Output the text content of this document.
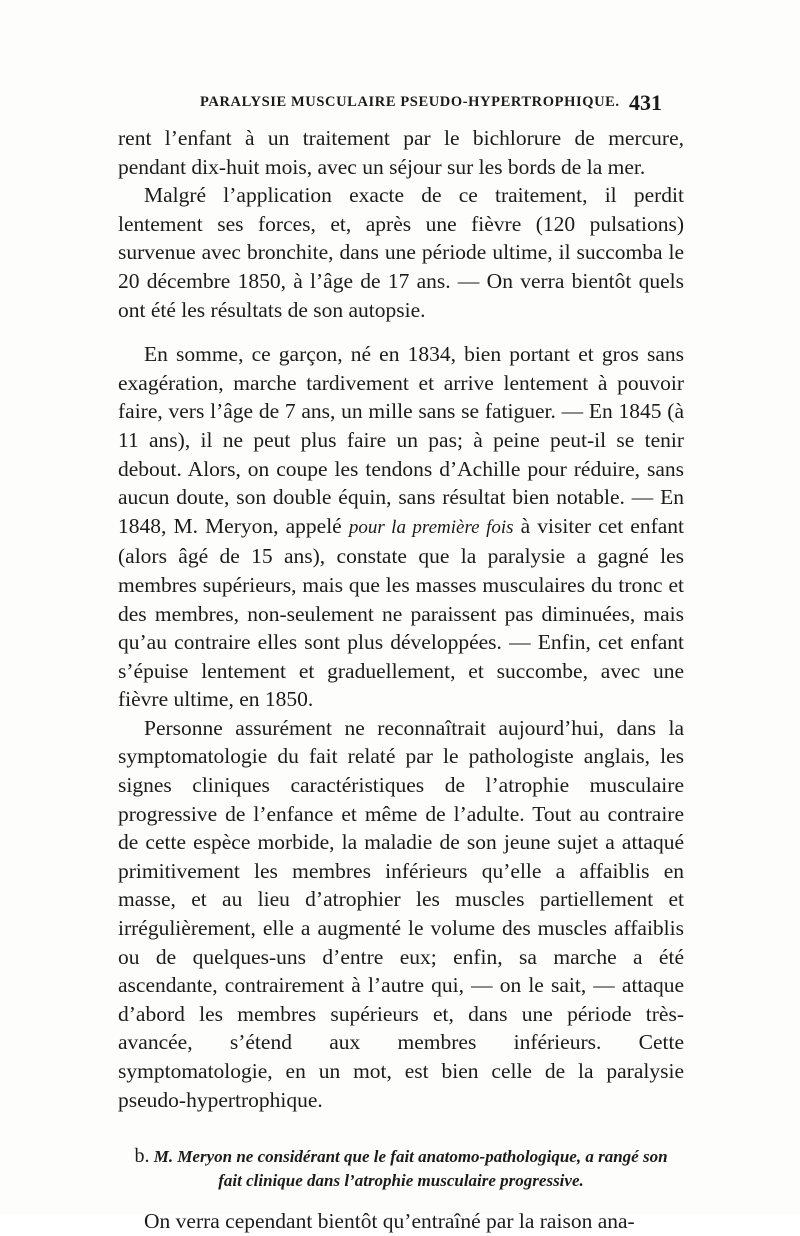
PARALYSIE MUSCULAIRE PSEUDO-HYPERTROPHIQUE. 431

rent l’enfant à un traitement par le bichlorure de mercure, pendant dix-huit mois, avec un séjour sur les bords de la mer.

Malgré l’application exacte de ce traitement, il perdit lentement ses forces, et, après une fièvre (120 pulsations) survenue avec bronchite, dans une période ultime, il succomba le 20 décembre 1850, à l’âge de 17 ans. — On verra bientôt quels ont été les résultats de son autopsie.

En somme, ce garçon, né en 1834, bien portant et gros sans exagération, marche tardivement et arrive lentement à pouvoir faire, vers l’âge de 7 ans, un mille sans se fatiguer. — En 1845 (à 11 ans), il ne peut plus faire un pas; à peine peut-il se tenir debout. Alors, on coupe les tendons d’Achille pour réduire, sans aucun doute, son double équin, sans résultat bien notable. — En 1848, M. Meryon, appelé pour la première fois à visiter cet enfant (alors âgé de 15 ans), constate que la paralysie a gagné les membres supérieurs, mais que les masses musculaires du tronc et des membres, non-seulement ne paraissent pas diminuées, mais qu’au contraire elles sont plus développées. — Enfin, cet enfant s’épuise lentement et graduellement, et succombe, avec une fièvre ultime, en 1850.

Personne assurément ne reconnaîtrait aujourd’hui, dans la symptomatologie du fait relaté par le pathologiste anglais, les signes cliniques caractéristiques de l’atrophie musculaire progressive de l’enfance et même de l’adulte. Tout au contraire de cette espèce morbide, la maladie de son jeune sujet a attaqué primitivement les membres inférieurs qu’elle a affaiblis en masse, et au lieu d’atrophier les muscles partiellement et irrégulièrement, elle a augmenté le volume des muscles affaiblis ou de quelques-uns d’entre eux; enfin, sa marche a été ascendante, contrairement à l’autre qui, — on le sait, — attaque d’abord les membres supérieurs et, dans une période très-avancée, s’étend aux membres inférieurs. Cette symptomatologie, en un mot, est bien celle de la paralysie pseudo-hypertrophique.

b. M. Meryon ne considérant que le fait anatomo-pathologique, a rangé son fait clinique dans l’atrophie musculaire progressive.

On verra cependant bientôt qu’entraîné par la raison ana-
